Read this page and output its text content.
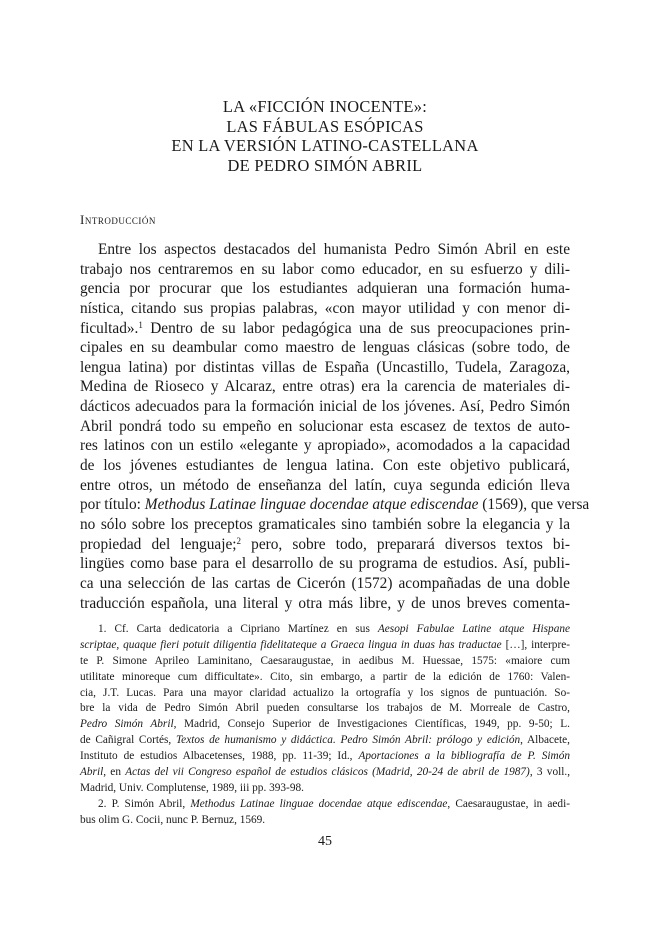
LA «FICCIÓN INOCENTE»:
LAS FÁBULAS ESÓPICAS
EN LA VERSIÓN LATINO-CASTELLANA
DE PEDRO SIMÓN ABRIL
Introducción
Entre los aspectos destacados del humanista Pedro Simón Abril en este
trabajo nos centraremos en su labor como educador, en su esfuerzo y dili-
gencia por procurar que los estudiantes adquieran una formación huma-
nística, citando sus propias palabras, «con mayor utilidad y con menor di-
ficultad».$^1$ Dentro de su labor pedagógica una de sus preocupaciones prin-
cipales en su deambular como maestro de lenguas clásicas (sobre todo, de
lengua latina) por distintas villas de España (Uncastillo, Tudela, Zaragoza,
Medina de Rioseco y Alcaraz, entre otras) era la carencia de materiales di-
dácticos adecuados para la formación inicial de los jóvenes. Así, Pedro Simón
Abril pondrá todo su empeño en solucionar esta escasez de textos de auto-
res latinos con un estilo «elegante y apropiado», acomodados a la capacidad
de los jóvenes estudiantes de lengua latina. Con este objetivo publicará,
entre otros, un método de enseñanza del latín, cuya segunda edición lleva
por título: Methodus Latinae linguae docendae atque ediscendae (1569), que versa
no sólo sobre los preceptos gramaticales sino también sobre la elegancia y la
propiedad del lenguaje;$^2$ pero, sobre todo, preparará diversos textos bi-
lingües como base para el desarrollo de su programa de estudios. Así, publi-
ca una selección de las cartas de Cicerón (1572) acompañadas de una doble
traducción española, una literal y otra más libre, y de unos breves comenta-
1. Cf. Carta dedicatoria a Cipriano Martínez en sus Aesopi Fabulae Latine atque Hispane
scriptae, quaque fieri potuit diligentia fidelitateque a Graeca lingua in duas has traductae […], interpre-
te P. Simone Aprileo Laminitano, Caesaraugustae, in aedibus M. Huessae, 1575: «maiore cum
utilitate minoreque cum difficultate». Cito, sin embargo, a partir de la edición de 1760: Valen-
cia, J.T. Lucas. Para una mayor claridad actualizo la ortografía y los signos de puntuación. So-
bre la vida de Pedro Simón Abril pueden consultarse los trabajos de M. Morreale de Castro,
Pedro Simón Abril, Madrid, Consejo Superior de Investigaciones Científicas, 1949, pp. 9-50; L.
de Cañigral Cortés, Textos de humanismo y didáctica. Pedro Simón Abril: prólogo y edición, Albacete,
Instituto de estudios Albacetenses, 1988, pp. 11-39; Id., Aportaciones a la bibliografía de P. Simón
Abril, en Actas del vii Congreso español de estudios clásicos (Madrid, 20-24 de abril de 1987), 3 voll.,
Madrid, Univ. Complutense, 1989, iii pp. 393-98.
2. P. Simón Abril, Methodus Latinae linguae docendae atque ediscendae, Caesaraugustae, in aedi-
bus olim G. Cocii, nunc P. Bernuz, 1569.
45
